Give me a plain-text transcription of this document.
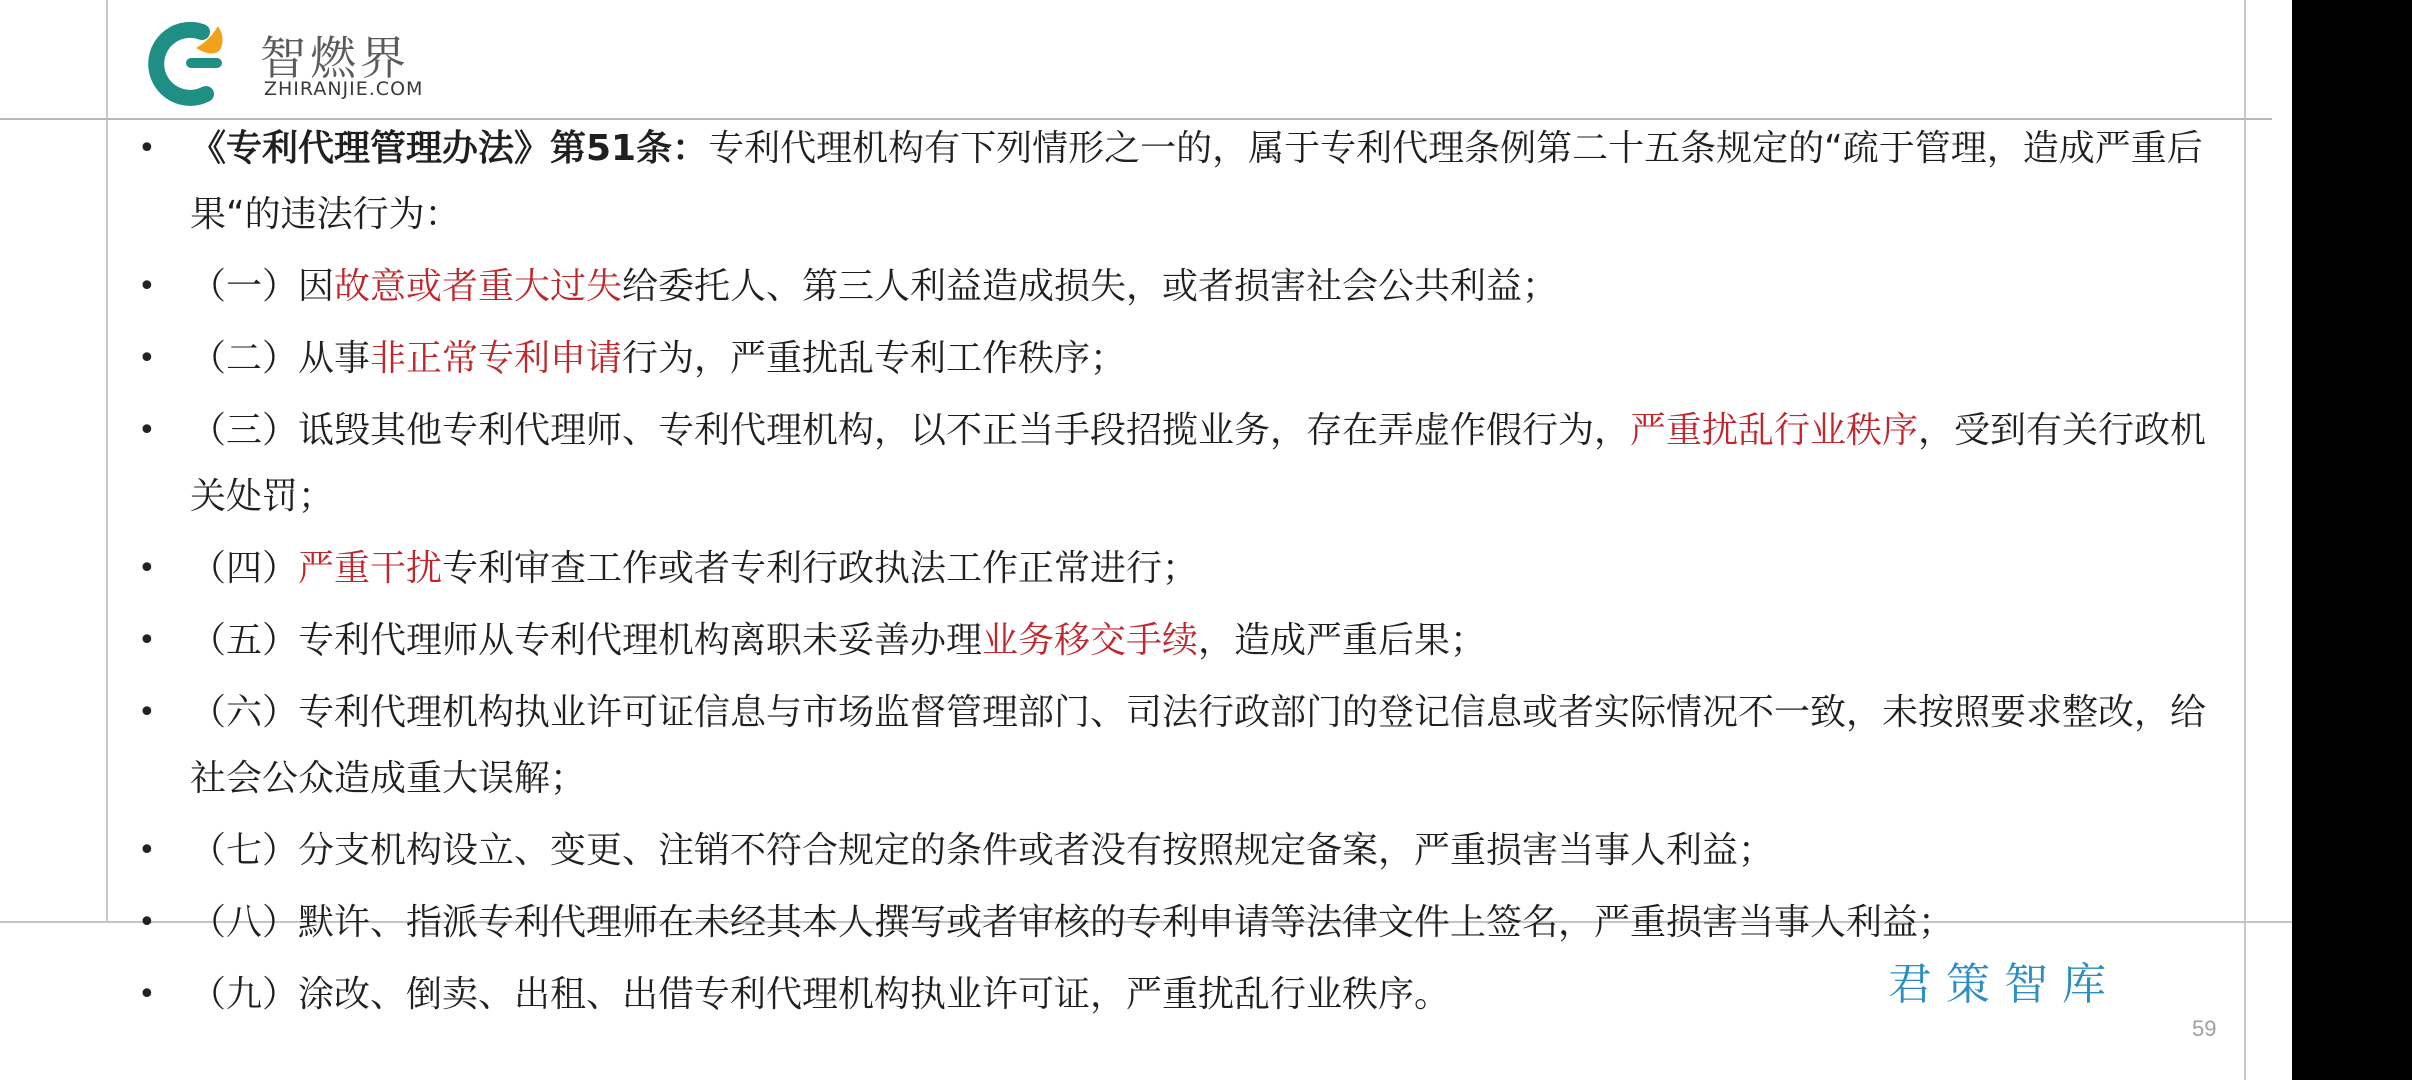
智燃界
ZHIRANJIE.COM
• 《专利代理管理办法》第51条：专利代理机构有下列情形之一的，属于专利代理条例第二十五条规定的“疏于管理，造成严重后果“的违法行为：
• （一）因故意或者重大过失给委托人、第三人利益造成损失，或者损害社会公共利益；
• （二）从事非正常专利申请行为，严重扰乱专利工作秩序；
• （三）诋毁其他专利代理师、专利代理机构，以不正当手段招揽业务，存在弄虚作假行为，严重扰乱行业秩序，受到有关行政机关处罚；
• （四）严重干扰专利审查工作或者专利行政执法工作正常进行；
• （五）专利代理师从专利代理机构离职未妥善办理业务移交手续，造成严重后果；
• （六）专利代理机构执业许可证信息与市场监督管理部门、司法行政部门的登记信息或者实际情况不一致，未按照要求整改，给社会公众造成重大误解；
• （七）分支机构设立、变更、注销不符合规定的条件或者没有按照规定备案，严重损害当事人利益；
• （八）默许、指派专利代理师在未经其本人撰写或者审核的专利申请等法律文件上签名，严重损害当事人利益；
• （九）涂改、倒卖、出租、出借专利代理机构执业许可证，严重扰乱行业秩序。	君策智库
59
